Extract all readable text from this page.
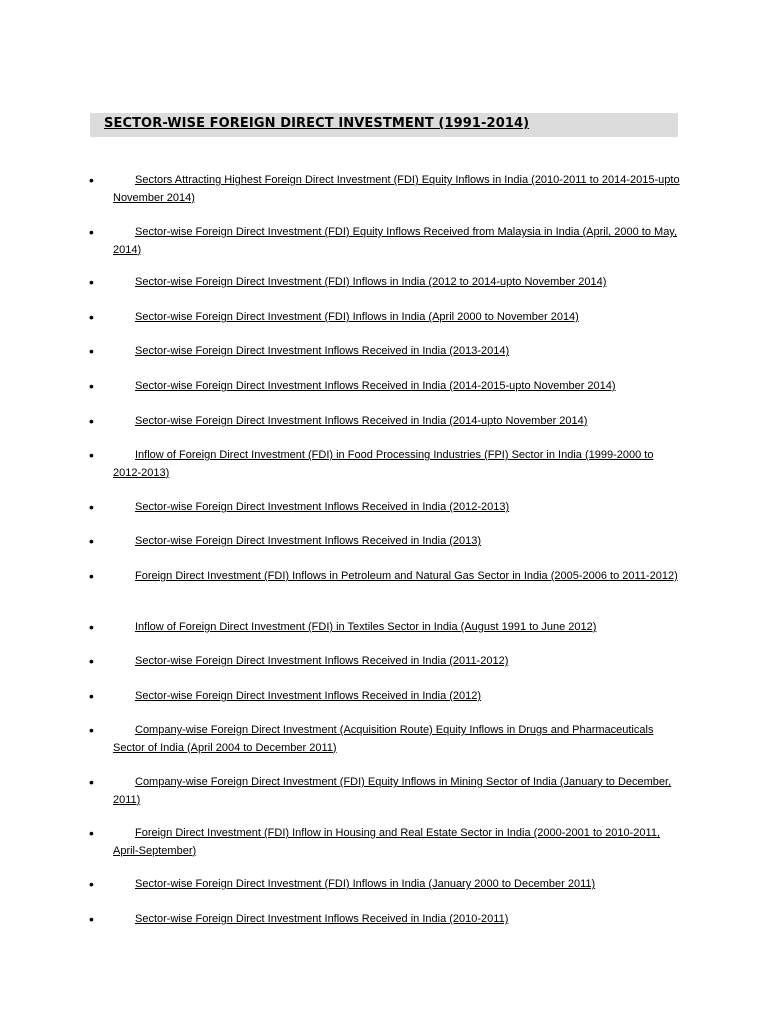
SECTOR-WISE FOREIGN DIRECT INVESTMENT (1991-2014)
•	Sectors Attracting Highest Foreign Direct Investment (FDI) Equity Inflows in India (2010-2011 to 2014-2015-upto November 2014)
•	Sector-wise Foreign Direct Investment (FDI) Equity Inflows Received from Malaysia in India (April, 2000 to May, 2014)
•	Sector-wise Foreign Direct Investment (FDI) Inflows in India (2012 to 2014-upto November 2014)
•	Sector-wise Foreign Direct Investment (FDI) Inflows in India (April 2000 to November 2014)
•	Sector-wise Foreign Direct Investment Inflows Received in India (2013-2014)
•	Sector-wise Foreign Direct Investment Inflows Received in India (2014-2015-upto November 2014)
•	Sector-wise Foreign Direct Investment Inflows Received in India (2014-upto November 2014)
•	Inflow of Foreign Direct Investment (FDI) in Food Processing Industries (FPI) Sector in India (1999-2000 to 2012-2013)
•	Sector-wise Foreign Direct Investment Inflows Received in India (2012-2013)
•	Sector-wise Foreign Direct Investment Inflows Received in India (2013)
•	Foreign Direct Investment (FDI) Inflows in Petroleum and Natural Gas Sector in India (2005-2006 to 2011-2012)
•	Inflow of Foreign Direct Investment (FDI) in Textiles Sector in India (August 1991 to June 2012)
•	Sector-wise Foreign Direct Investment Inflows Received in India (2011-2012)
•	Sector-wise Foreign Direct Investment Inflows Received in India (2012)
•	Company-wise Foreign Direct Investment (Acquisition Route) Equity Inflows in Drugs and Pharmaceuticals Sector of India (April 2004 to December 2011)
•	Company-wise Foreign Direct Investment (FDI) Equity Inflows in Mining Sector of India (January to December, 2011)
•	Foreign Direct Investment (FDI) Inflow in Housing and Real Estate Sector in India (2000-2001 to 2010-2011, April-September)
•	Sector-wise Foreign Direct Investment (FDI) Inflows in India (January 2000 to December 2011)
•	Sector-wise Foreign Direct Investment Inflows Received in India (2010-2011)
